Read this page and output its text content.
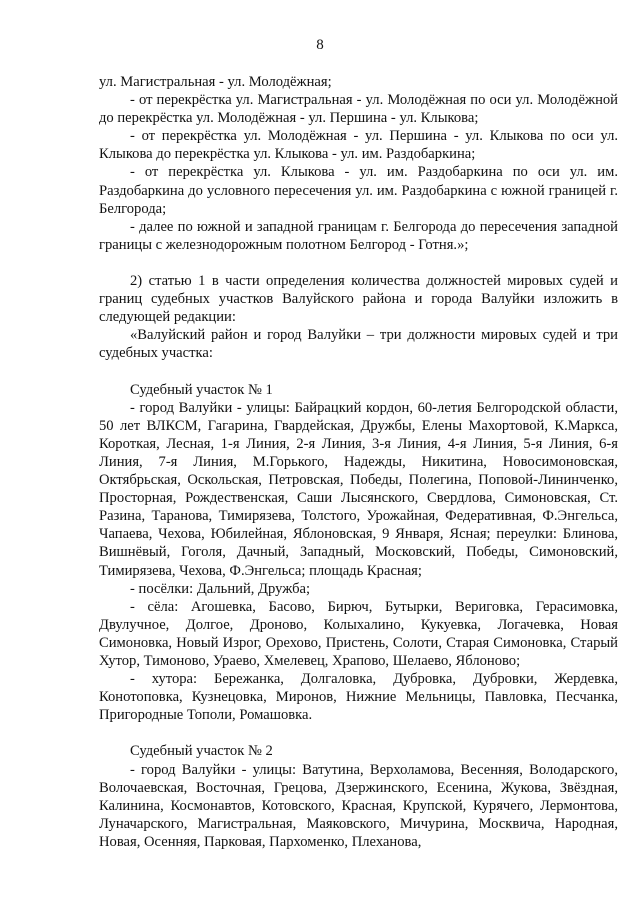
8

ул. Магистральная - ул. Молодёжная;

- от перекрёстка ул. Магистральная - ул. Молодёжная по оси ул. Молодёжной до перекрёстка ул. Молодёжная - ул. Першина - ул. Клыкова;

- от перекрёстка ул. Молодёжная - ул. Першина - ул. Клыкова по оси ул. Клыкова до перекрёстка ул. Клыкова - ул. им. Раздобаркина;

- от перекрёстка ул. Клыкова - ул. им. Раздобаркина по оси ул. им. Раздобаркина до условного пересечения ул. им. Раздобаркина с южной границей г. Белгорода;

- далее по южной и западной границам г. Белгорода до пересечения западной границы с железнодорожным полотном Белгород - Готня.»;

2) статью 1 в части определения количества должностей мировых судей и границ судебных участков Валуйского района и города Валуйки изложить в следующей редакции:

«Валуйский район и город Валуйки – три должности мировых судей и три судебных участка:

Судебный участок № 1

- город Валуйки - улицы: Байрацкий кордон, 60-летия Белгородской области, 50 лет ВЛКСМ, Гагарина, Гвардейская, Дружбы, Елены Махортовой, К.Маркса, Короткая, Лесная, 1-я Линия, 2-я Линия, 3-я Линия, 4-я Линия, 5-я Линия, 6-я Линия, 7-я Линия, М.Горького, Надежды, Никитина, Новосимоновская, Октябрьская, Оскольская, Петровская, Победы, Полегина, Поповой-Лининченко, Просторная, Рождественская, Саши Лысянского, Свердлова, Симоновская, Ст. Разина, Таранова, Тимирязева, Толстого, Урожайная, Федеративная, Ф.Энгельса, Чапаева, Чехова, Юбилейная, Яблоновская, 9 Января, Ясная; переулки: Блинова, Вишнёвый, Гоголя, Дачный, Западный, Московский, Победы, Симоновский, Тимирязева, Чехова, Ф.Энгельса; площадь Красная;

- посёлки: Дальний, Дружба;

- сёла: Агошевка, Басово, Бирюч, Бутырки, Вериговка, Герасимовка, Двулучное, Долгое, Дроново, Колыхалино, Кукуевка, Логачевка, Новая Симоновка, Новый Изрог, Орехово, Пристень, Солоти, Старая Симоновка, Старый Хутор, Тимоново, Ураево, Хмелевец, Храпово, Шелаево, Яблоново;

- хутора: Бережанка, Долгаловка, Дубровка, Дубровки, Жердевка, Конотоповка, Кузнецовка, Миронов, Нижние Мельницы, Павловка, Песчанка, Пригородные Тополи, Ромашовка.

Судебный участок № 2

- город Валуйки - улицы: Ватутина, Верхоламова, Весенняя, Володарского, Волочаевская, Восточная, Грецова, Дзержинского, Есенина, Жукова, Звёздная, Калинина, Космонавтов, Котовского, Красная, Крупской, Курячего, Лермонтова, Луначарского, Магистральная, Маяковского, Мичурина, Москвича, Народная, Новая, Осенняя, Парковая, Пархоменко, Плеханова,
